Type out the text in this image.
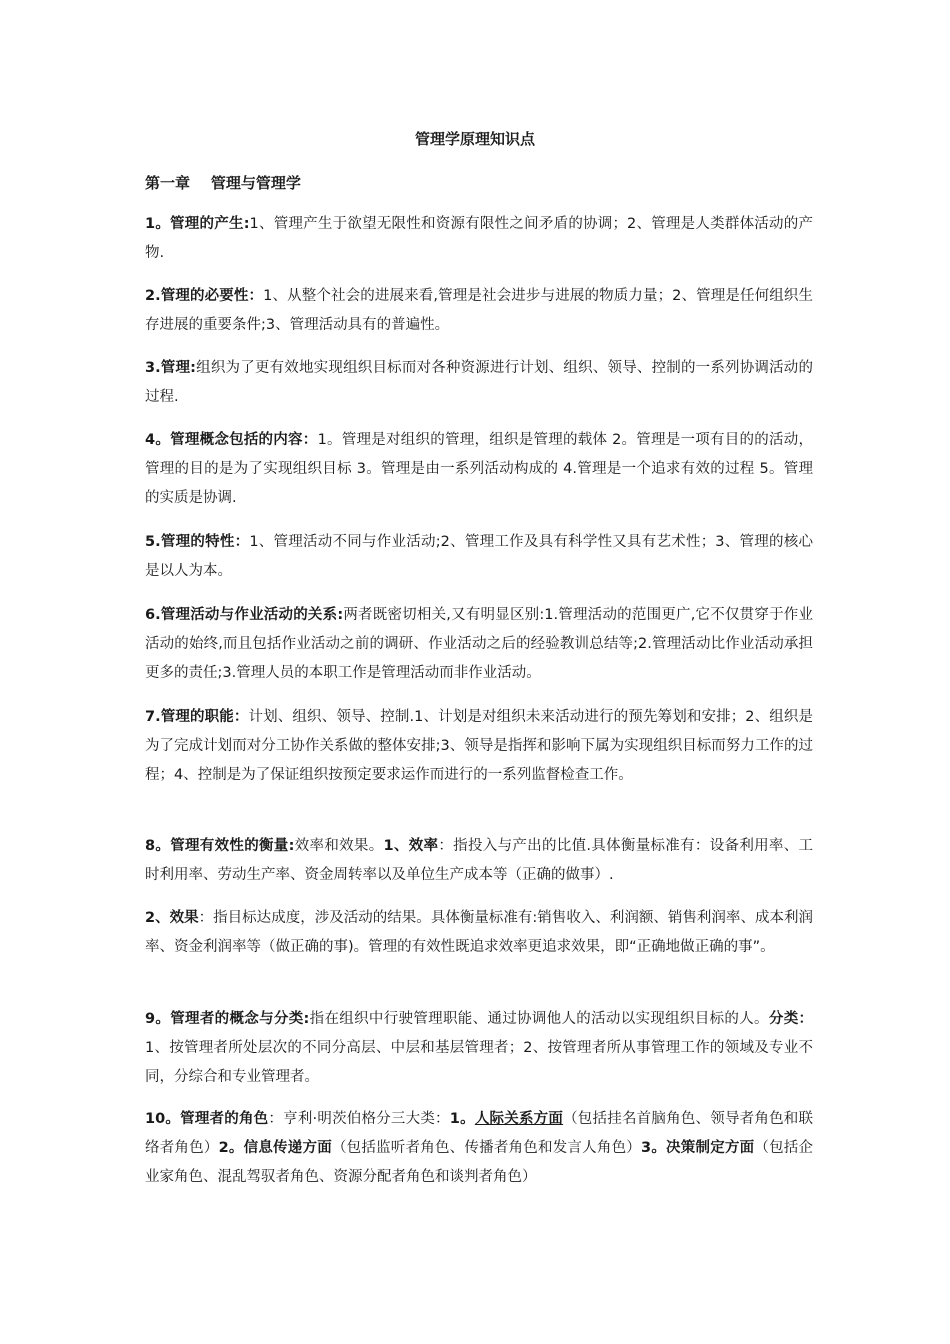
管理学原理知识点
第一章    管理与管理学

1。管理的产生:1、管理产生于欲望无限性和资源有限性之间矛盾的协调；2、管理是人类群体活动的产物.

2.管理的必要性：1、从整个社会的进展来看,管理是社会进步与进展的物质力量；2、管理是任何组织生存进展的重要条件;3、管理活动具有的普遍性。

3.管理:组织为了更有效地实现组织目标而对各种资源进行计划、组织、领导、控制的一系列协调活动的过程.

4。管理概念包括的内容：1。管理是对组织的管理，组织是管理的载体 2。管理是一项有目的的活动，管理的目的是为了实现组织目标 3。管理是由一系列活动构成的 4.管理是一个追求有效的过程 5。管理的实质是协调.

5.管理的特性：1、管理活动不同与作业活动;2、管理工作及具有科学性又具有艺术性；3、管理的核心是以人为本。

6.管理活动与作业活动的关系:两者既密切相关,又有明显区别:1.管理活动的范围更广,它不仅贯穿于作业活动的始终,而且包括作业活动之前的调研、作业活动之后的经验教训总结等;2.管理活动比作业活动承担更多的责任;3.管理人员的本职工作是管理活动而非作业活动。

7.管理的职能：计划、组织、领导、控制.1、计划是对组织未来活动进行的预先筹划和安排；2、组织是为了完成计划而对分工协作关系做的整体安排;3、领导是指挥和影响下属为实现组织目标而努力工作的过程；4、控制是为了保证组织按预定要求运作而进行的一系列监督检查工作。

8。管理有效性的衡量:效率和效果。1、效率：指投入与产出的比值.具体衡量标准有：设备利用率、工时利用率、劳动生产率、资金周转率以及单位生产成本等（正确的做事）.

2、效果：指目标达成度，涉及活动的结果。具体衡量标准有:销售收入、利润额、销售利润率、成本利润率、资金利润率等（做正确的事)。管理的有效性既追求效率更追求效果，即“正确地做正确的事”。

9。管理者的概念与分类:指在组织中行驶管理职能、通过协调他人的活动以实现组织目标的人。分类：1、按管理者所处层次的不同分高层、中层和基层管理者；2、按管理者所从事管理工作的领域及专业不同，分综合和专业管理者。

10。管理者的角色：亨利·明茨伯格分三大类：1。人际关系方面（包括挂名首脑角色、领导者角色和联络者角色）2。信息传递方面（包括监听者角色、传播者角色和发言人角色）3。决策制定方面（包括企业家角色、混乱驾驭者角色、资源分配者角色和谈判者角色）
